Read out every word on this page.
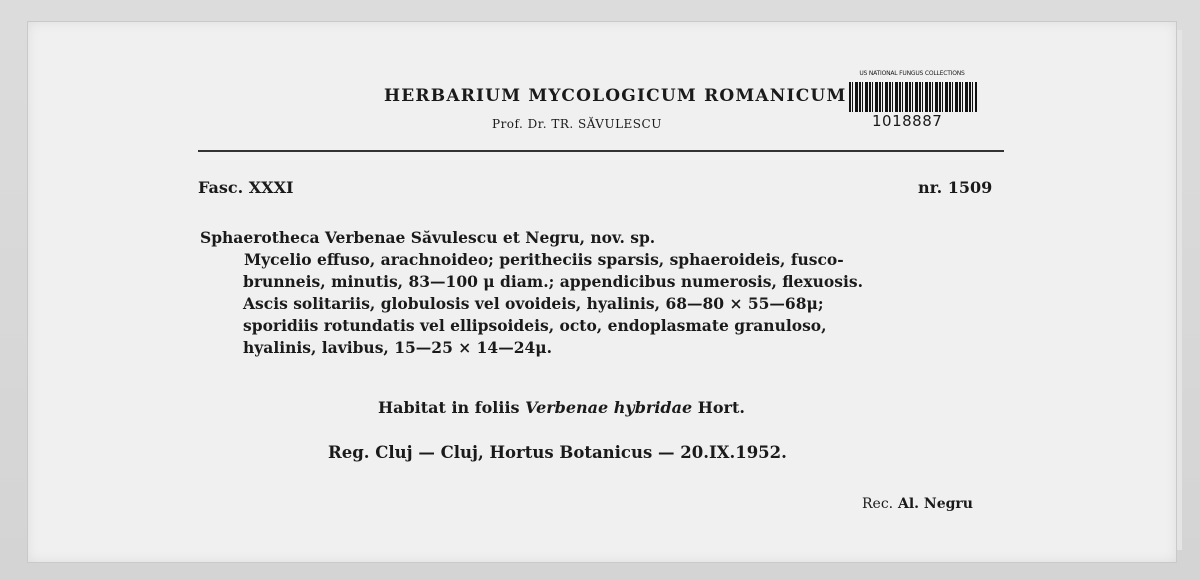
HERBARIUM MYCOLOGICUM ROMANICUM
Prof. Dr. TR. SĂVULESCU
US NATIONAL FUNGUS COLLECTIONS
1018887
Fasc. XXXI	nr. 1509
Sphaerotheca Verbenae Săvulescu et Negru, nov. sp.
Mycelio effuso, arachnoideo; peritheciis sparsis, sphaeroideis, fusco-
brunneis, minutis, 83—100 μ diam.; appendicibus numerosis, flexuosis.
Ascis solitariis, globulosis vel ovoideis, hyalinis, 68—80 × 55—68μ;
sporidiis rotundatis vel ellipsoideis, octo, endoplasmate granuloso,
hyalinis, lavibus, 15—25 × 14—24μ.
Habitat in foliis Verbenae hybridae Hort.
Reg. Cluj — Cluj, Hortus Botanicus — 20.IX.1952.
Rec. Al. Negru
